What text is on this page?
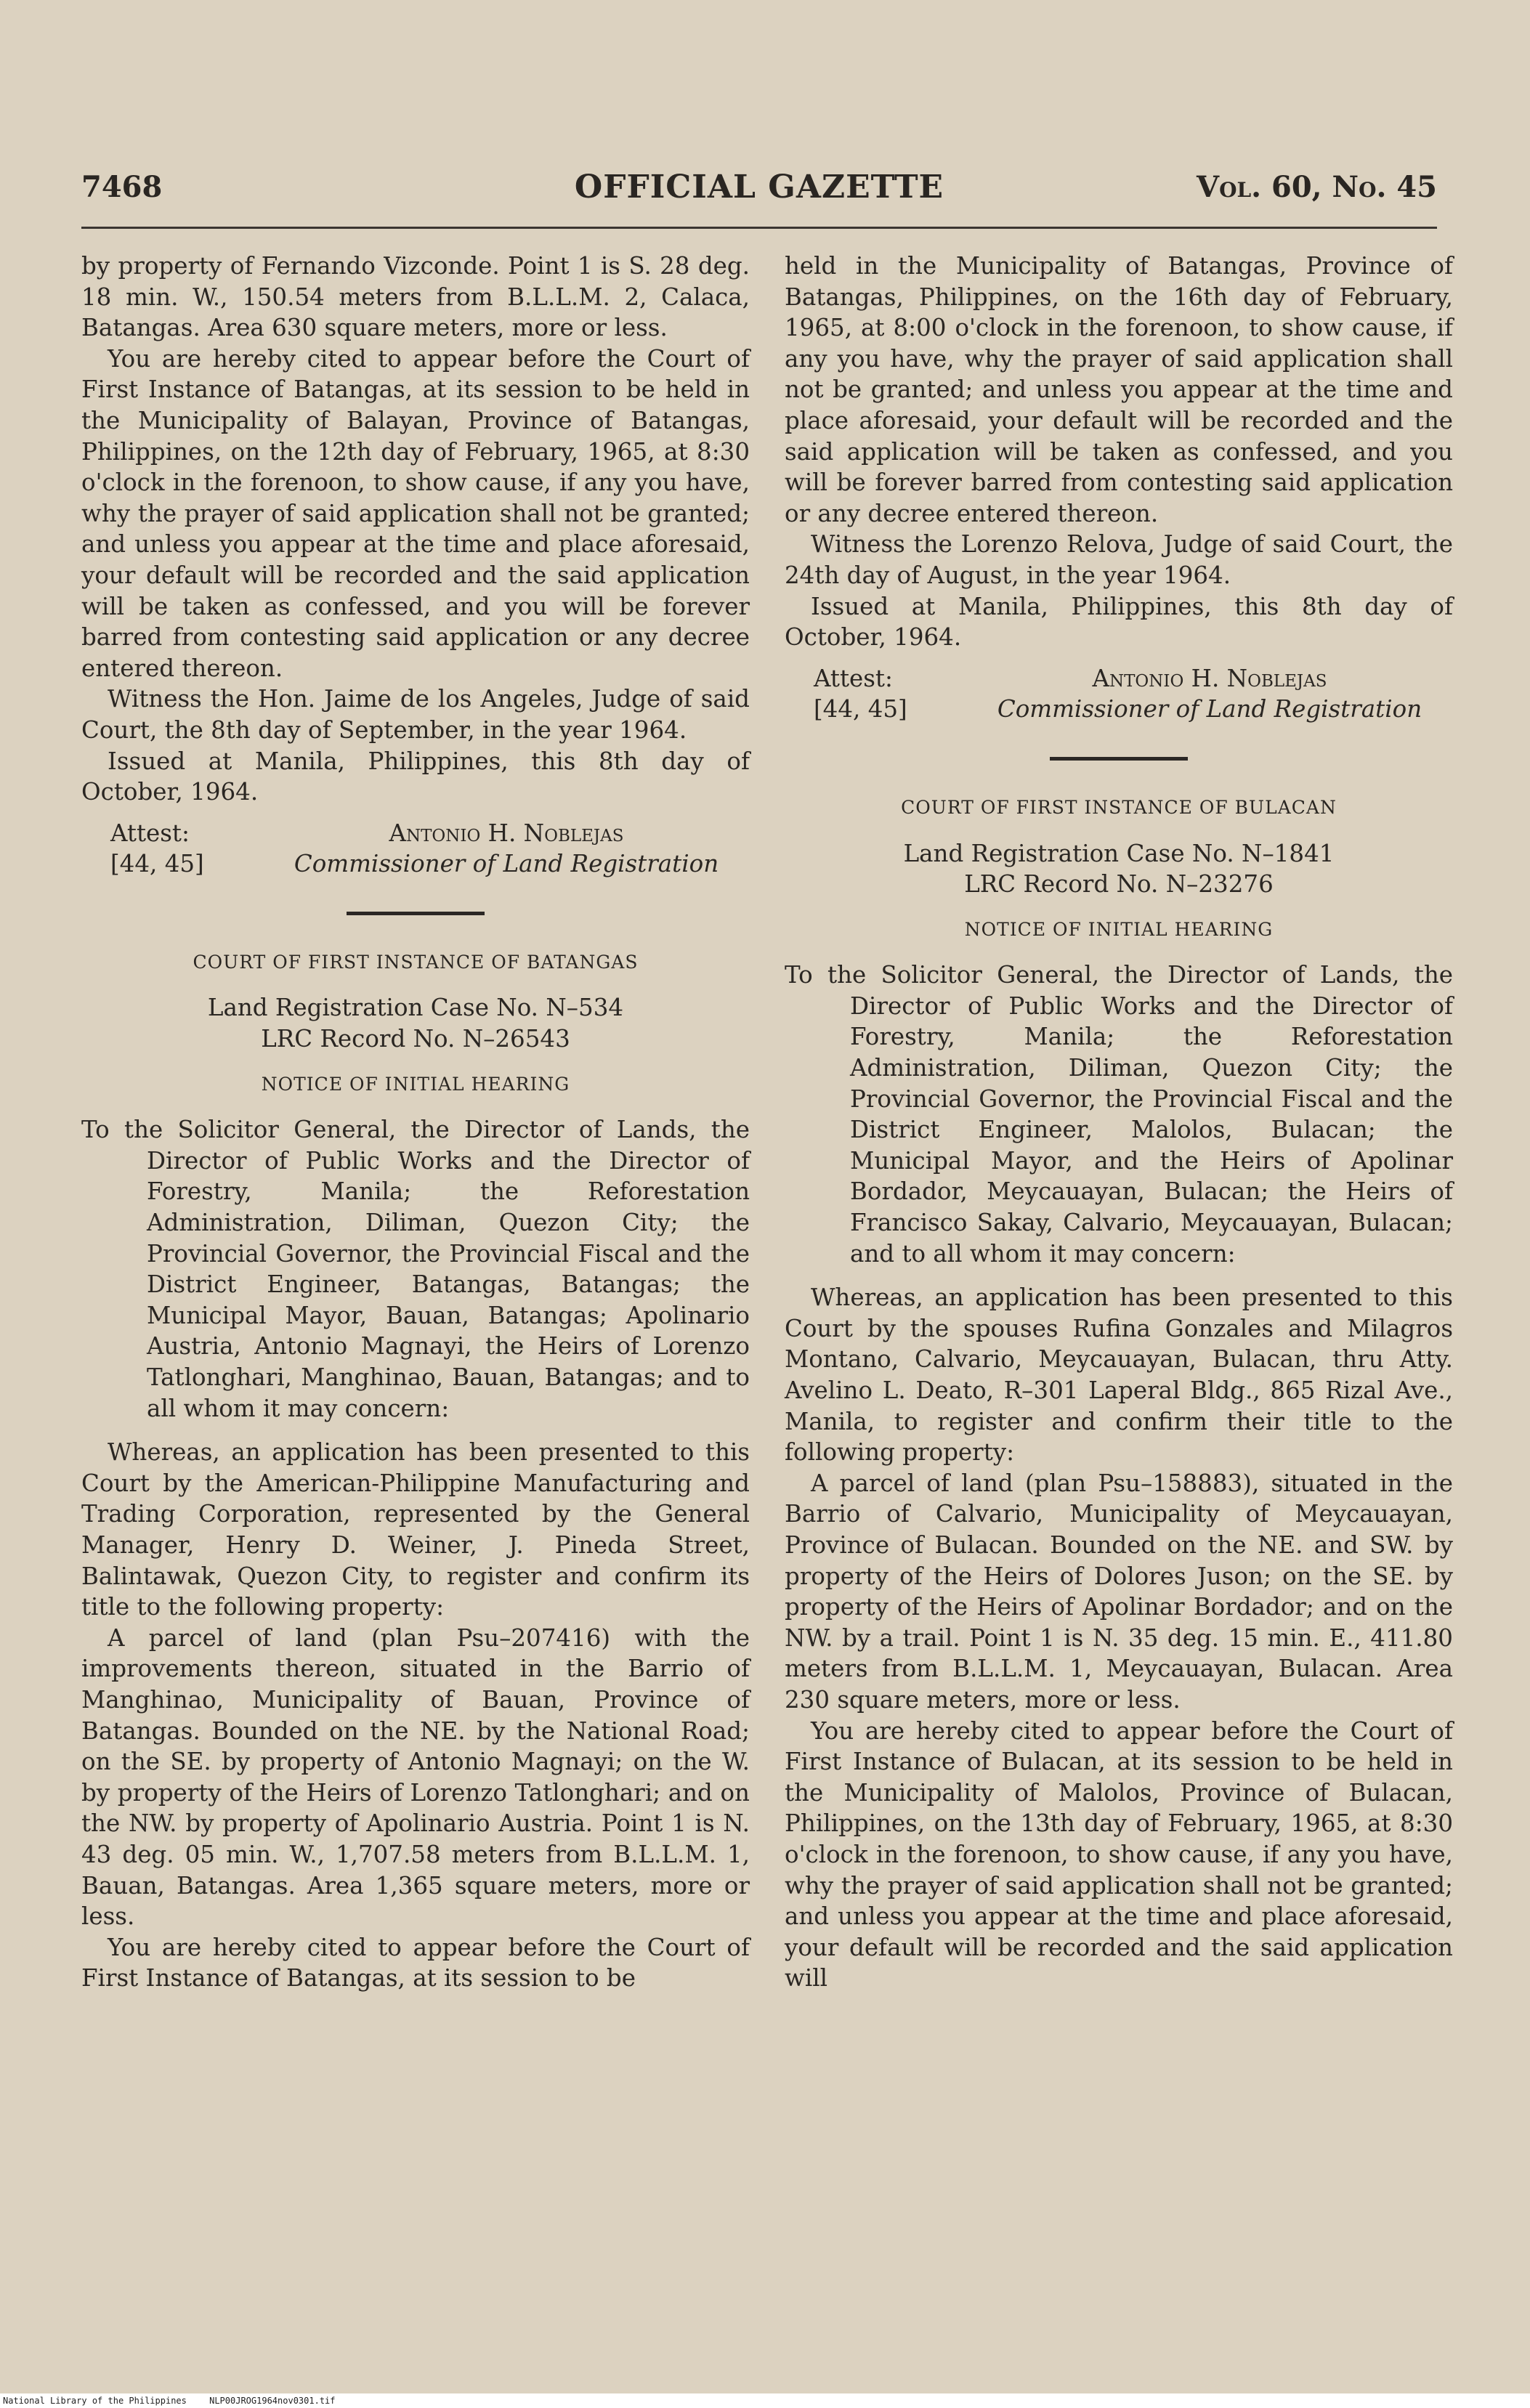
7468	OFFICIAL GAZETTE	Vol. 60, No. 45

by property of Fernando Vizconde. Point 1 is S. 28 deg. 18 min. W., 150.54 meters from B.L.L.M. 2, Calaca, Batangas. Area 630 square meters, more or less.

You are hereby cited to appear before the Court of First Instance of Batangas, at its session to be held in the Municipality of Balayan, Province of Batangas, Philippines, on the 12th day of February, 1965, at 8:30 o'clock in the forenoon, to show cause, if any you have, why the prayer of said application shall not be granted; and unless you appear at the time and place aforesaid, your default will be recorded and the said application will be taken as confessed, and you will be forever barred from contesting said application or any decree entered thereon.

Witness the Hon. Jaime de los Angeles, Judge of said Court, the 8th day of September, in the year 1964.

Issued at Manila, Philippines, this 8th day of October, 1964.

Attest:	Antonio H. Noblejas
[44, 45]	Commissioner of Land Registration

COURT OF FIRST INSTANCE OF BATANGAS

Land Registration Case No. N–534

LRC Record No. N–26543

NOTICE OF INITIAL HEARING

To the Solicitor General, the Director of Lands, the Director of Public Works and the Director of Forestry, Manila; the Reforestation Administration, Diliman, Quezon City; the Provincial Governor, the Provincial Fiscal and the District Engineer, Batangas, Batangas; the Municipal Mayor, Bauan, Batangas; Apolinario Austria, Antonio Magnayi, the Heirs of Lorenzo Tatlonghari, Manghinao, Bauan, Batangas; and to all whom it may concern:

Whereas, an application has been presented to this Court by the American-Philippine Manufacturing and Trading Corporation, represented by the General Manager, Henry D. Weiner, J. Pineda Street, Balintawak, Quezon City, to register and confirm its title to the following property:

A parcel of land (plan Psu–207416) with the improvements thereon, situated in the Barrio of Manghinao, Municipality of Bauan, Province of Batangas. Bounded on the NE. by the National Road; on the SE. by property of Antonio Magnayi; on the W. by property of the Heirs of Lorenzo Tatlonghari; and on the NW. by property of Apolinario Austria. Point 1 is N. 43 deg. 05 min. W., 1,707.58 meters from B.L.L.M. 1, Bauan, Batangas. Area 1,365 square meters, more or less.

You are hereby cited to appear before the Court of First Instance of Batangas, at its session to be

held in the Municipality of Batangas, Province of Batangas, Philippines, on the 16th day of February, 1965, at 8:00 o'clock in the forenoon, to show cause, if any you have, why the prayer of said application shall not be granted; and unless you appear at the time and place aforesaid, your default will be recorded and the said application will be taken as confessed, and you will be forever barred from contesting said application or any decree entered thereon.

Witness the Lorenzo Relova, Judge of said Court, the 24th day of August, in the year 1964.

Issued at Manila, Philippines, this 8th day of October, 1964.

Attest:	Antonio H. Noblejas
[44, 45]	Commissioner of Land Registration

COURT OF FIRST INSTANCE OF BULACAN

Land Registration Case No. N–1841

LRC Record No. N–23276

NOTICE OF INITIAL HEARING

To the Solicitor General, the Director of Lands, the Director of Public Works and the Director of Forestry, Manila; the Reforestation Administration, Diliman, Quezon City; the Provincial Governor, the Provincial Fiscal and the District Engineer, Malolos, Bulacan; the Municipal Mayor, and the Heirs of Apolinar Bordador, Meycauayan, Bulacan; the Heirs of Francisco Sakay, Calvario, Meycauayan, Bulacan; and to all whom it may concern:

Whereas, an application has been presented to this Court by the spouses Rufina Gonzales and Milagros Montano, Calvario, Meycauayan, Bulacan, thru Atty. Avelino L. Deato, R–301 Laperal Bldg., 865 Rizal Ave., Manila, to register and confirm their title to the following property:

A parcel of land (plan Psu–158883), situated in the Barrio of Calvario, Municipality of Meycauayan, Province of Bulacan. Bounded on the NE. and SW. by property of the Heirs of Dolores Juson; on the SE. by property of the Heirs of Apolinar Bordador; and on the NW. by a trail. Point 1 is N. 35 deg. 15 min. E., 411.80 meters from B.L.L.M. 1, Meycauayan, Bulacan. Area 230 square meters, more or less.

You are hereby cited to appear before the Court of First Instance of Bulacan, at its session to be held in the Municipality of Malolos, Province of Bulacan, Philippines, on the 13th day of February, 1965, at 8:30 o'clock in the forenoon, to show cause, if any you have, why the prayer of said application shall not be granted; and unless you appear at the time and place aforesaid, your default will be recorded and the said application will

National Library of the Philippines	NLP00JROG1964nov0301.tif
